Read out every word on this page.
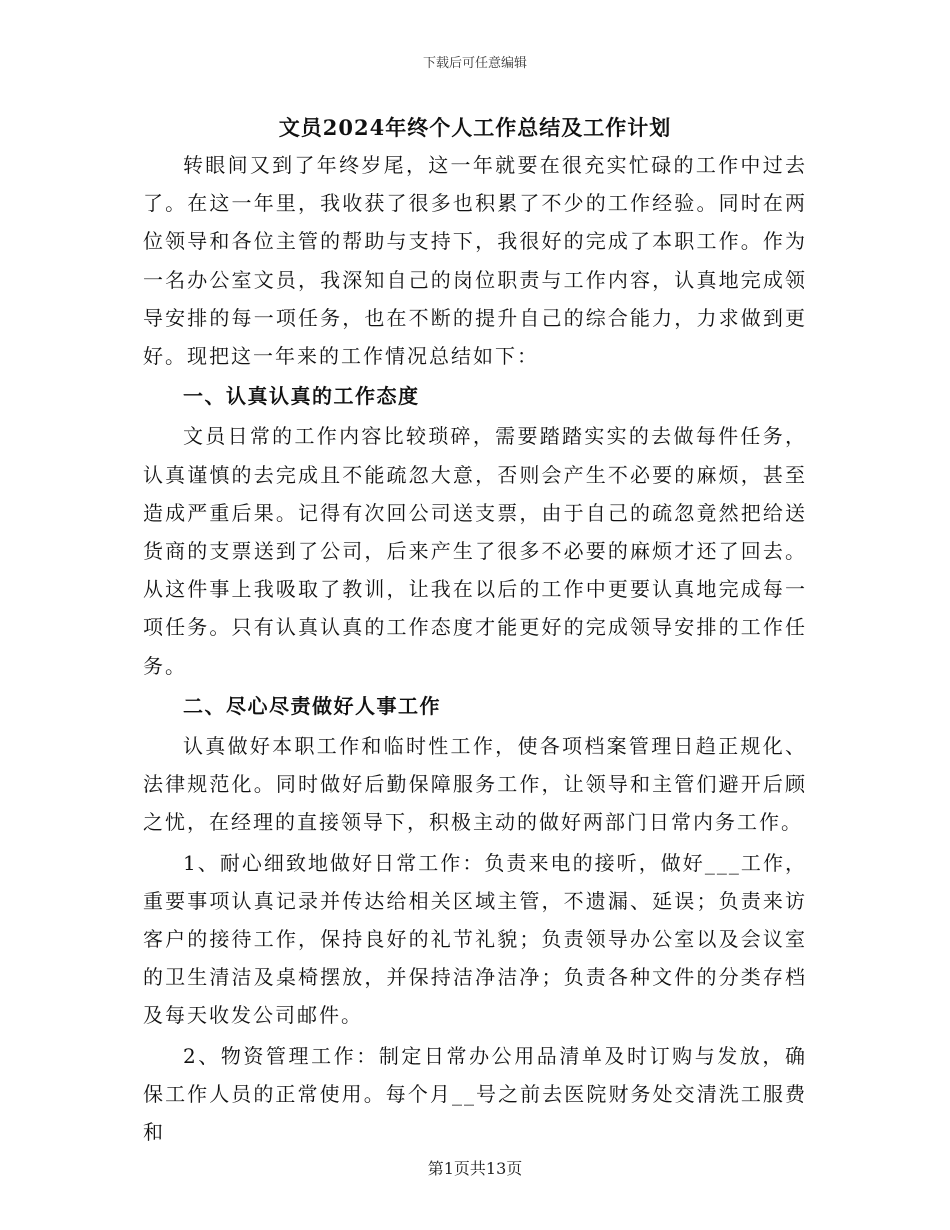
下载后可任意编辑
文员2024年终个人工作总结及工作计划

转眼间又到了年终岁尾，这一年就要在很充实忙碌的工作中过去了。在这一年里，我收获了很多也积累了不少的工作经验。同时在两位领导和各位主管的帮助与支持下，我很好的完成了本职工作。作为一名办公室文员，我深知自己的岗位职责与工作内容，认真地完成领导安排的每一项任务，也在不断的提升自己的综合能力，力求做到更好。现把这一年来的工作情况总结如下：

一、认真认真的工作态度

文员日常的工作内容比较琐碎，需要踏踏实实的去做每件任务，认真谨慎的去完成且不能疏忽大意，否则会产生不必要的麻烦，甚至造成严重后果。记得有次回公司送支票，由于自己的疏忽竟然把给送货商的支票送到了公司，后来产生了很多不必要的麻烦才还了回去。从这件事上我吸取了教训，让我在以后的工作中更要认真地完成每一项任务。只有认真认真的工作态度才能更好的完成领导安排的工作任务。

二、尽心尽责做好人事工作

认真做好本职工作和临时性工作，使各项档案管理日趋正规化、法律规范化。同时做好后勤保障服务工作，让领导和主管们避开后顾之忧，在经理的直接领导下，积极主动的做好两部门日常内务工作。

1、耐心细致地做好日常工作：负责来电的接听，做好___工作，重要事项认真记录并传达给相关区域主管，不遗漏、延误；负责来访客户的接待工作，保持良好的礼节礼貌；负责领导办公室以及会议室的卫生清洁及桌椅摆放，并保持洁净洁净；负责各种文件的分类存档及每天收发公司邮件。

2、物资管理工作：制定日常办公用品清单及时订购与发放，确保工作人员的正常使用。每个月__号之前去医院财务处交清洗工服费和

第1页共13页
